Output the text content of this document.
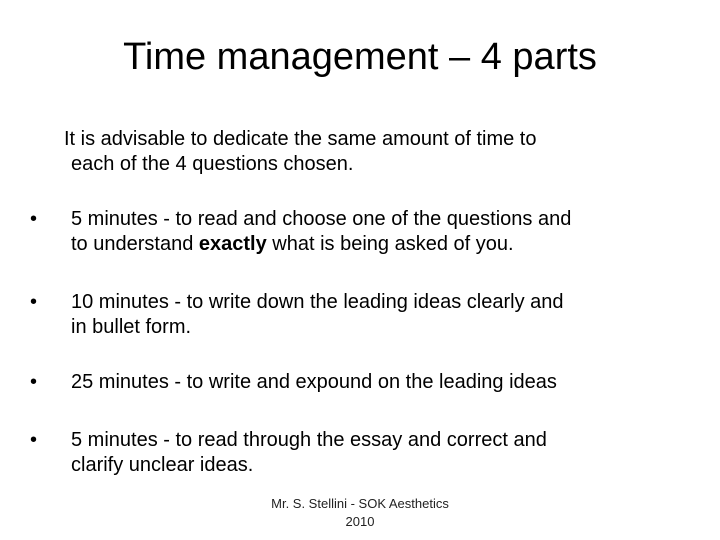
Time management – 4 parts
It is advisable to dedicate the same amount of time to
each of the 4 questions chosen.
•	5 minutes - to read and choose one of the questions and
to understand exactly what is being asked of you.
•	10 minutes - to write down the leading ideas clearly and
in bullet form.
•	25 minutes - to write and expound on the leading ideas
•	5 minutes - to read through the essay and correct and
clarify unclear ideas.
Mr. S. Stellini - SOK Aesthetics
2010
